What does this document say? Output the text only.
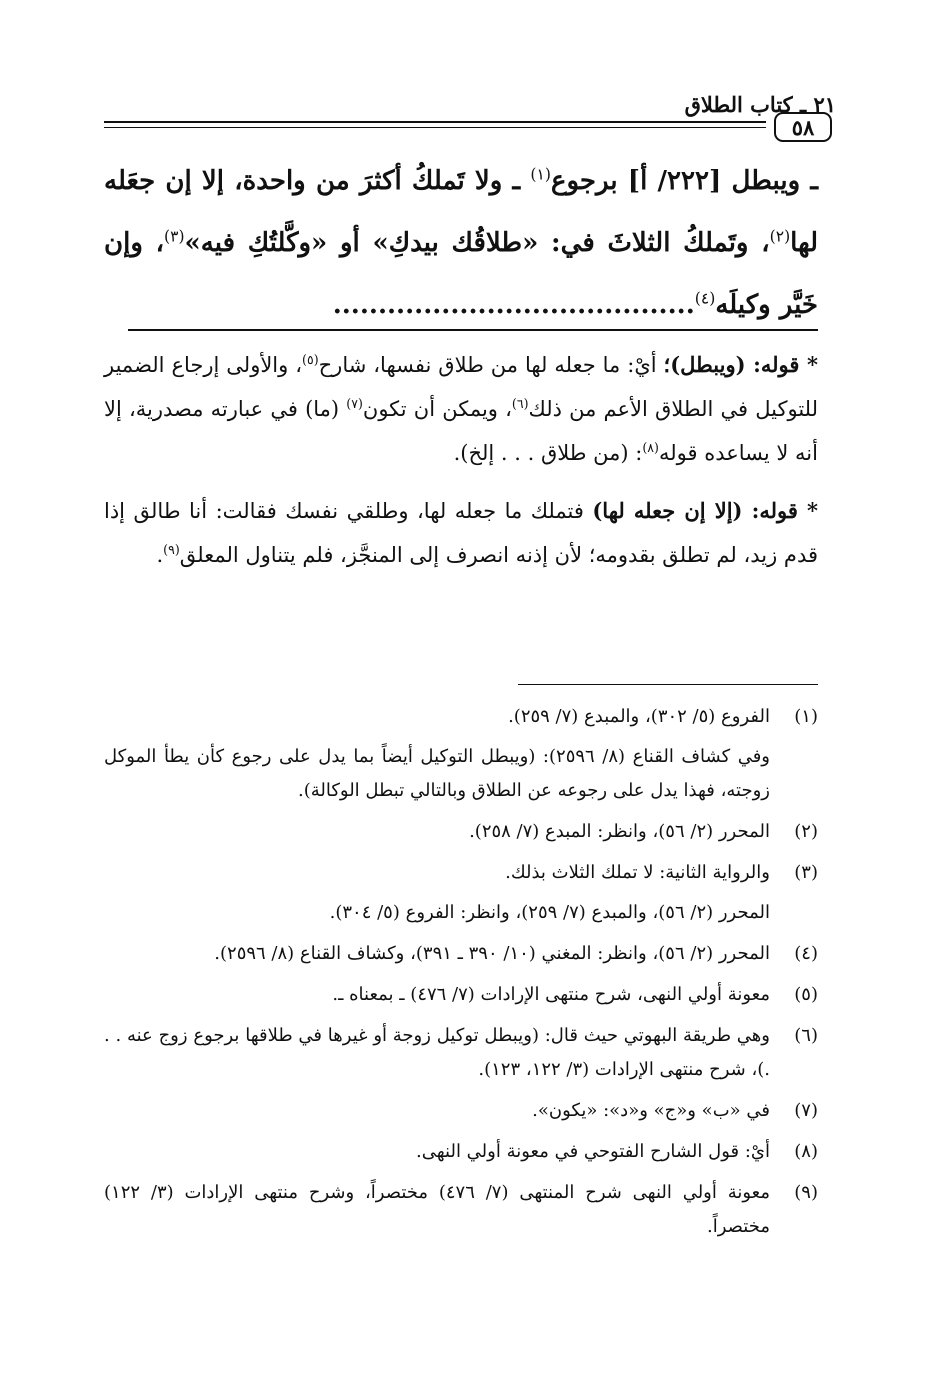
٢١ ـ كتاب الطلاق
٥٨

ـ ويبطل [٢٢٢/ أ] برجوع$^{(١)}$ ـ ولا تَملكُ أكثرَ من واحدة، إلا إن جعَله لها$^{(٢)}$، وتَملكُ الثلاثَ في: «طلاقُك بيدكِ» أو «وكَّلتُكِ فيه»$^{(٣)}$، وإن خَيَّر وكيلَه$^{(٤)}$........................................

* قوله: (ويبطل)؛ أيْ: ما جعله لها من طلاق نفسها، شارح$^{(٥)}$، والأولى إرجاع الضمير للتوكيل في الطلاق الأعم من ذلك$^{(٦)}$، ويمكن أن تكون$^{(٧)}$ (ما) في عبارته مصدرية، إلا أنه لا يساعده قوله$^{(٨)}$: (من طلاق . . . إلخ).

* قوله: (إلا إن جعله لها) فتملك ما جعله لها، وطلقي نفسك فقالت: أنا طالق إذا قدم زيد، لم تطلق بقدومه؛ لأن إذنه انصرف إلى المنجَّز، فلم يتناول المعلق$^{(٩)}$.

(١)

الفروع (٥/ ٣٠٢)، والمبدع (٧/ ٢٥٩).

وفي كشاف القناع (٨/ ٢٥٩٦): (ويبطل التوكيل أيضاً بما يدل على رجوع كأن يطأ الموكل زوجته، فهذا يدل على رجوعه عن الطلاق وبالتالي تبطل الوكالة).

(٢)

المحرر (٢/ ٥٦)، وانظر: المبدع (٧/ ٢٥٨).

(٣)

والرواية الثانية: لا تملك الثلاث بذلك.

المحرر (٢/ ٥٦)، والمبدع (٧/ ٢٥٩)، وانظر: الفروع (٥/ ٣٠٤).

(٤)

المحرر (٢/ ٥٦)، وانظر: المغني (١٠/ ٣٩٠ ـ ٣٩١)، وكشاف القناع (٨/ ٢٥٩٦).

(٥)

معونة أولي النهى، شرح منتهى الإرادات (٧/ ٤٧٦) ـ بمعناه ـ.

(٦)

وهي طريقة البهوتي حيث قال: (ويبطل توكيل زوجة أو غيرها في طلاقها برجوع زوج عنه . . .)، شرح منتهى الإرادات (٣/ ١٢٢، ١٢٣).

(٧)

في «ب» و«ج» و«د»: «يكون».

(٨)

أيْ: قول الشارح الفتوحي في معونة أولي النهى.

(٩)

معونة أولي النهى شرح المنتهى (٧/ ٤٧٦) مختصراً، وشرح منتهى الإرادات (٣/ ١٢٢) مختصراً.
